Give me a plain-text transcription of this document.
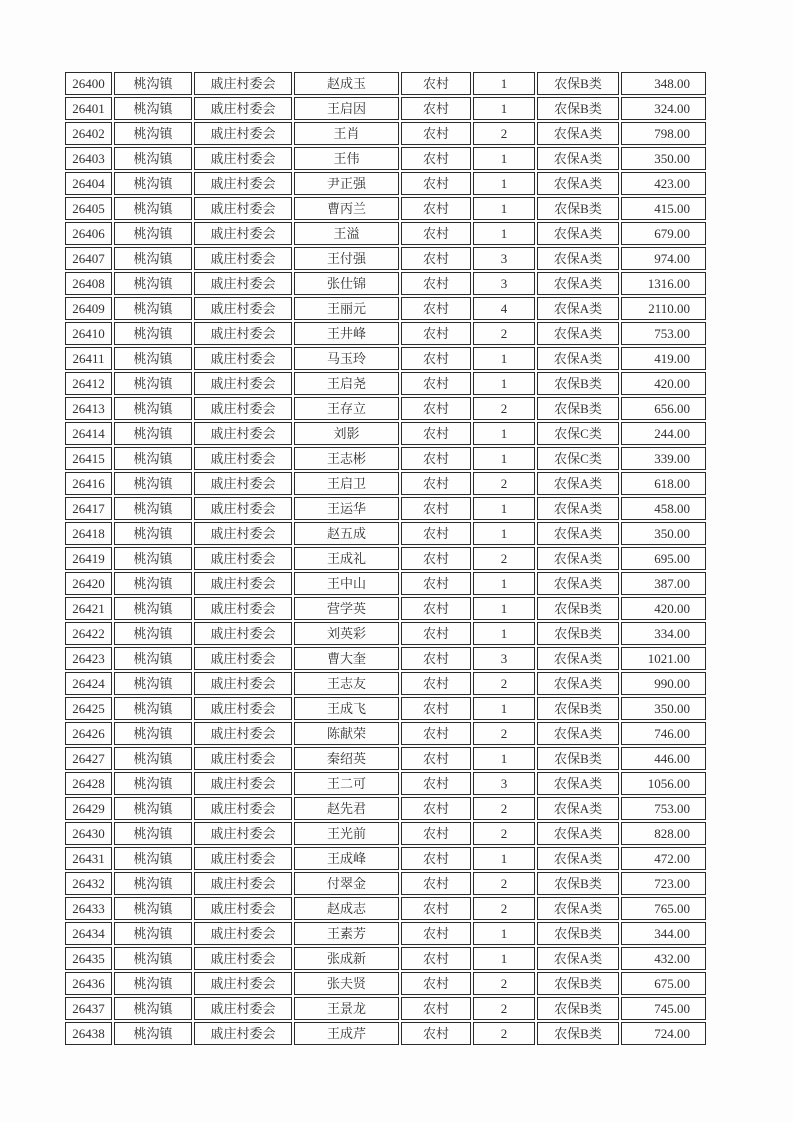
26400	桃沟镇	戚庄村委会	赵成玉	农村	1	农保B类	348.00
26401	桃沟镇	戚庄村委会	王启因	农村	1	农保B类	324.00
26402	桃沟镇	戚庄村委会	王肖	农村	2	农保A类	798.00
26403	桃沟镇	戚庄村委会	王伟	农村	1	农保A类	350.00
26404	桃沟镇	戚庄村委会	尹正强	农村	1	农保A类	423.00
26405	桃沟镇	戚庄村委会	曹丙兰	农村	1	农保B类	415.00
26406	桃沟镇	戚庄村委会	王溢	农村	1	农保A类	679.00
26407	桃沟镇	戚庄村委会	王付强	农村	3	农保A类	974.00
26408	桃沟镇	戚庄村委会	张仕锦	农村	3	农保A类	1316.00
26409	桃沟镇	戚庄村委会	王丽元	农村	4	农保A类	2110.00
26410	桃沟镇	戚庄村委会	王井峰	农村	2	农保A类	753.00
26411	桃沟镇	戚庄村委会	马玉玲	农村	1	农保A类	419.00
26412	桃沟镇	戚庄村委会	王启尧	农村	1	农保B类	420.00
26413	桃沟镇	戚庄村委会	王存立	农村	2	农保B类	656.00
26414	桃沟镇	戚庄村委会	刘影	农村	1	农保C类	244.00
26415	桃沟镇	戚庄村委会	王志彬	农村	1	农保C类	339.00
26416	桃沟镇	戚庄村委会	王启卫	农村	2	农保A类	618.00
26417	桃沟镇	戚庄村委会	王运华	农村	1	农保A类	458.00
26418	桃沟镇	戚庄村委会	赵五成	农村	1	农保A类	350.00
26419	桃沟镇	戚庄村委会	王成礼	农村	2	农保A类	695.00
26420	桃沟镇	戚庄村委会	王中山	农村	1	农保A类	387.00
26421	桃沟镇	戚庄村委会	营学英	农村	1	农保B类	420.00
26422	桃沟镇	戚庄村委会	刘英彩	农村	1	农保B类	334.00
26423	桃沟镇	戚庄村委会	曹大奎	农村	3	农保A类	1021.00
26424	桃沟镇	戚庄村委会	王志友	农村	2	农保A类	990.00
26425	桃沟镇	戚庄村委会	王成飞	农村	1	农保B类	350.00
26426	桃沟镇	戚庄村委会	陈献荣	农村	2	农保A类	746.00
26427	桃沟镇	戚庄村委会	秦绍英	农村	1	农保B类	446.00
26428	桃沟镇	戚庄村委会	王二可	农村	3	农保A类	1056.00
26429	桃沟镇	戚庄村委会	赵先君	农村	2	农保A类	753.00
26430	桃沟镇	戚庄村委会	王光前	农村	2	农保A类	828.00
26431	桃沟镇	戚庄村委会	王成峰	农村	1	农保A类	472.00
26432	桃沟镇	戚庄村委会	付翠金	农村	2	农保B类	723.00
26433	桃沟镇	戚庄村委会	赵成志	农村	2	农保A类	765.00
26434	桃沟镇	戚庄村委会	王素芳	农村	1	农保B类	344.00
26435	桃沟镇	戚庄村委会	张成新	农村	1	农保A类	432.00
26436	桃沟镇	戚庄村委会	张夫贤	农村	2	农保B类	675.00
26437	桃沟镇	戚庄村委会	王景龙	农村	2	农保B类	745.00
26438	桃沟镇	戚庄村委会	王成芹	农村	2	农保B类	724.00
